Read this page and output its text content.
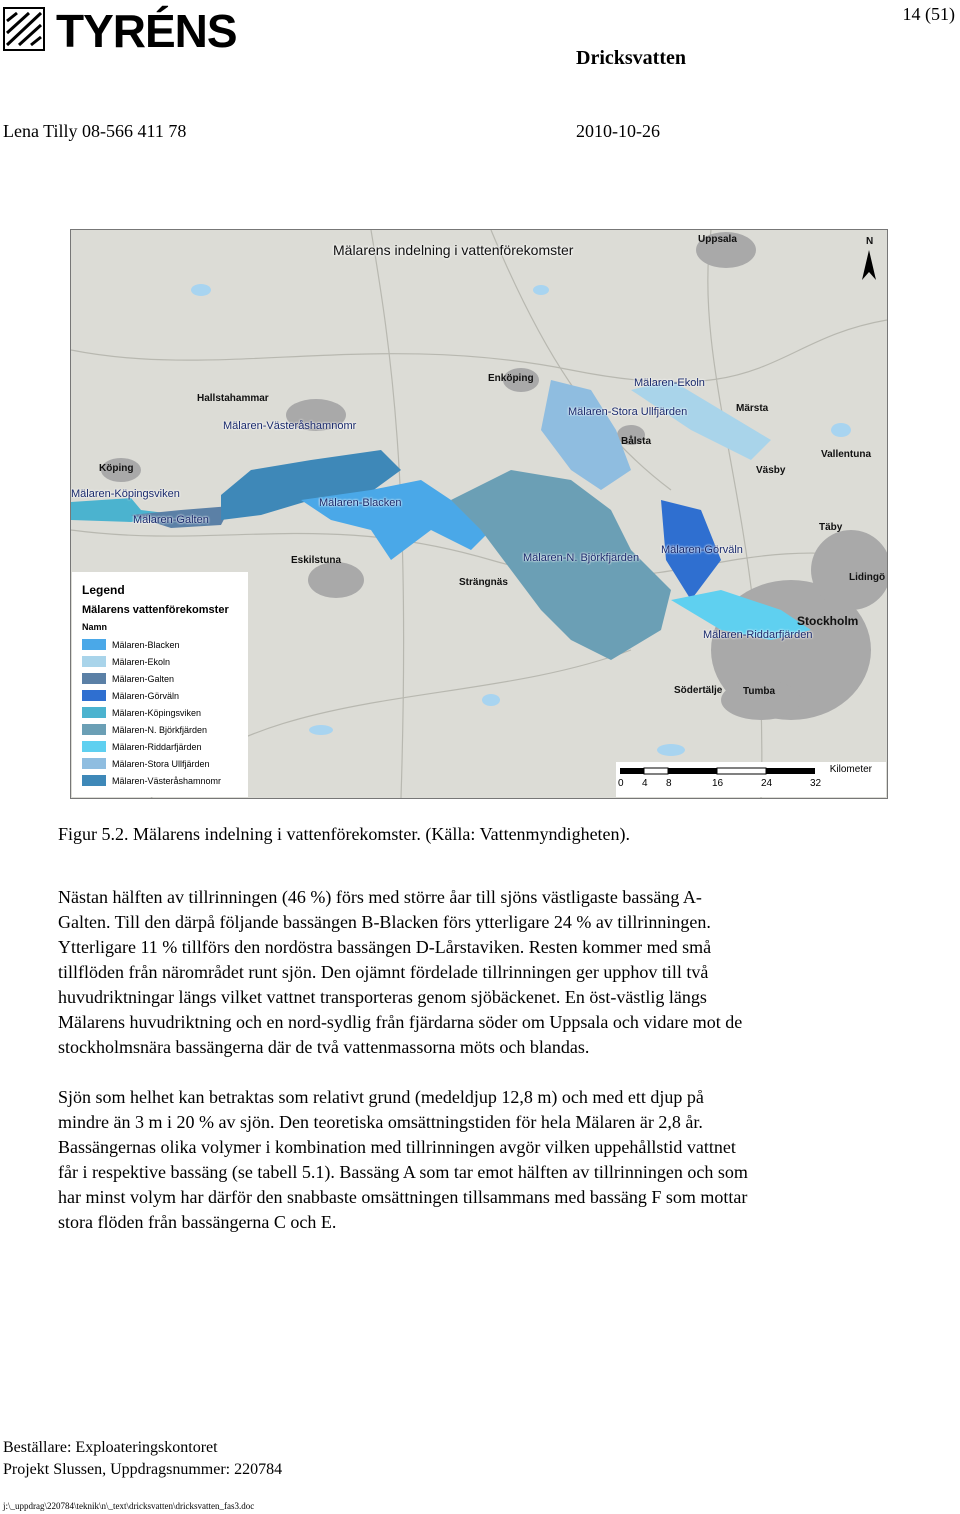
TYRÉNS	14 (51)
Dricksvatten
Lena Tilly 08-566 411 78	2010-10-26
Mälarens indelning i vattenförekomster
N
Uppsala
Enköping
Hallstahammar
Köping
Eskilstuna
Strängnäs
Bålsta
Märsta
Väsby
Vallentuna
Täby
Lidingö
Stockholm
Södertälje Tumba
Mälaren-Ekoln
Mälaren-Stora Ullfjärden
Mälaren-Västeråshamnomr
Mälaren-Köpingsviken
Mälaren-Galten
Mälaren-Blacken
Mälaren-N. Björkfjärden
Mälaren-Görväln
Mälaren-Riddarfjärden
Legend
Mälarens vattenförekomster
Namn
Mälaren-Blacken
Mälaren-Ekoln
Mälaren-Galten
Mälaren-Görväln
Mälaren-Köpingsviken
Mälaren-N. Björkfjärden
Mälaren-Riddarfjärden
Mälaren-Stora Ullfjärden
Mälaren-Västeråshamnomr
Kilometer
0 4 8	16	24	32
Figur 5.2. Mälarens indelning i vattenförekomster. (Källa: Vattenmyndigheten).
Nästan hälften av tillrinningen (46 %) förs med större åar till sjöns västligaste bassäng A-
Galten. Till den därpå följande bassängen B-Blacken förs ytterligare 24 % av tillrinningen.
Ytterligare 11 % tillförs den nordöstra bassängen D-Lårstaviken. Resten kommer med små
tillflöden från närområdet runt sjön. Den ojämnt fördelade tillrinningen ger upphov till två
huvudriktningar längs vilket vattnet transporteras genom sjöbäckenet. En öst-västlig längs
Mälarens huvudriktning och en nord-sydlig från fjärdarna söder om Uppsala och vidare mot de
stockholmsnära bassängerna där de två vattenmassorna möts och blandas.
Sjön som helhet kan betraktas som relativt grund (medeldjup 12,8 m) och med ett djup på
mindre än 3 m i 20 % av sjön. Den teoretiska omsättningstiden för hela Mälaren är 2,8 år.
Bassängernas olika volymer i kombination med tillrinningen avgör vilken uppehållstid vattnet
får i respektive bassäng (se tabell 5.1). Bassäng A som tar emot hälften av tillrinningen och som
har minst volym har därför den snabbaste omsättningen tillsammans med bassäng F som mottar
stora flöden från bassängerna C och E.
Beställare: Exploateringskontoret
Projekt Slussen, Uppdragsnummer: 220784
j:\_uppdrag\220784\teknik\n\_text\dricksvatten\dricksvatten_fas3.doc
